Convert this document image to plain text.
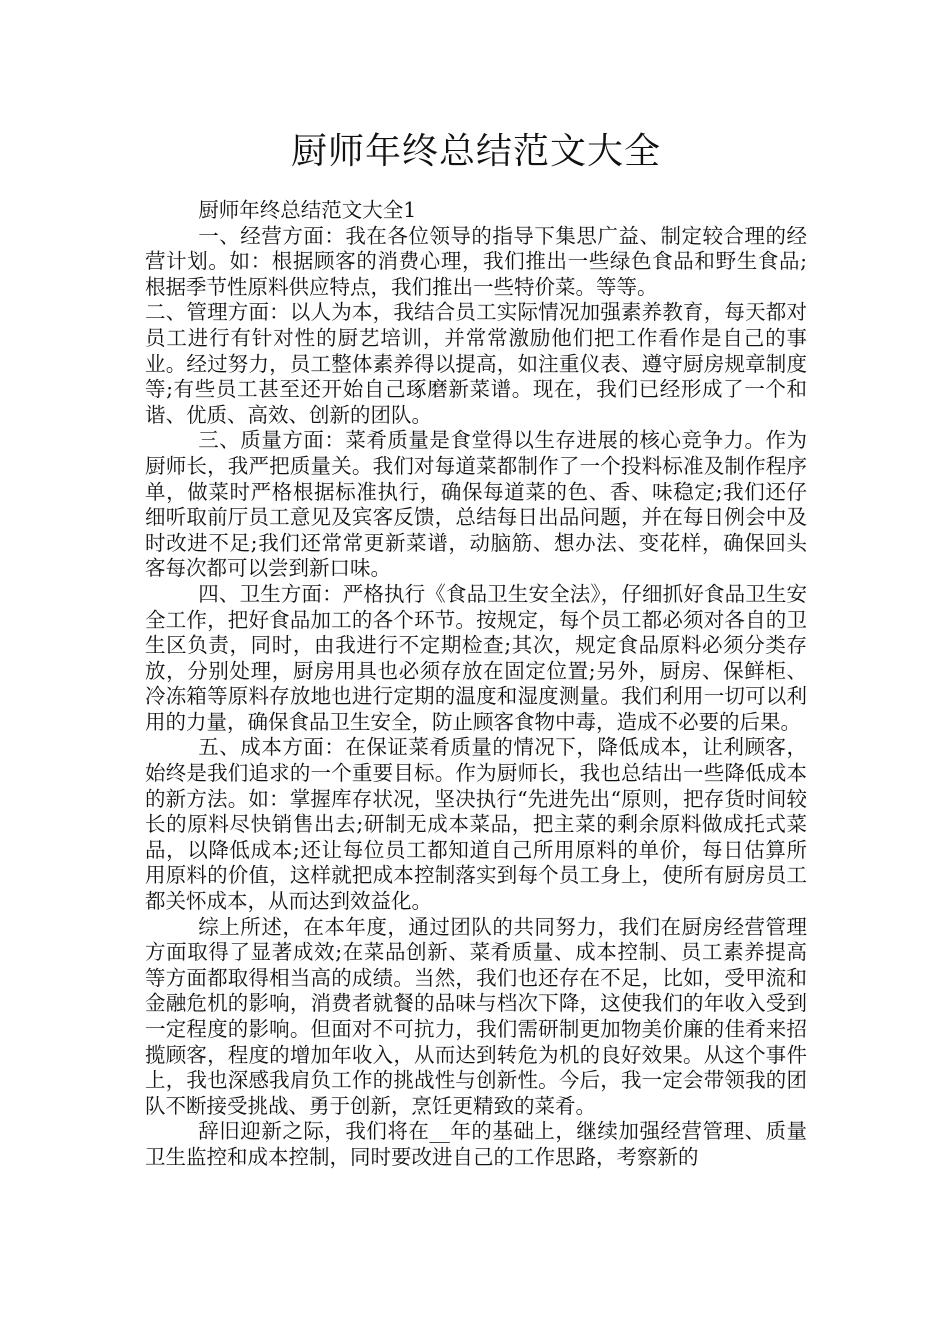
厨师年终总结范文大全

厨师年终总结范文大全1

一、经营方面：我在各位领导的指导下集思广益、制定较合理的经营计划。如：根据顾客的消费心理，我们推出一些绿色食品和野生食品;根据季节性原料供应特点，我们推出一些特价菜。等等。

二、管理方面：以人为本，我结合员工实际情况加强素养教育，每天都对员工进行有针对性的厨艺培训，并常常激励他们把工作看作是自己的事业。经过努力，员工整体素养得以提高，如注重仪表、遵守厨房规章制度等;有些员工甚至还开始自己琢磨新菜谱。现在，我们已经形成了一个和谐、优质、高效、创新的团队。

三、质量方面：菜肴质量是食堂得以生存进展的核心竞争力。作为厨师长，我严把质量关。我们对每道菜都制作了一个投料标准及制作程序单，做菜时严格根据标准执行，确保每道菜的色、香、味稳定;我们还仔细听取前厅员工意见及宾客反馈，总结每日出品问题，并在每日例会中及时改进不足;我们还常常更新菜谱，动脑筋、想办法、变花样，确保回头客每次都可以尝到新口味。

四、卫生方面：严格执行《食品卫生安全法》，仔细抓好食品卫生安全工作，把好食品加工的各个环节。按规定，每个员工都必须对各自的卫生区负责，同时，由我进行不定期检查;其次，规定食品原料必须分类存放，分别处理，厨房用具也必须存放在固定位置;另外，厨房、保鲜柜、冷冻箱等原料存放地也进行定期的温度和湿度测量。我们利用一切可以利用的力量，确保食品卫生安全，防止顾客食物中毒，造成不必要的后果。

五、成本方面：在保证菜肴质量的情况下，降低成本，让利顾客，始终是我们追求的一个重要目标。作为厨师长，我也总结出一些降低成本的新方法。如：掌握库存状况，坚决执行“先进先出“原则，把存货时间较长的原料尽快销售出去;研制无成本菜品，把主菜的剩余原料做成托式菜品，以降低成本;还让每位员工都知道自己所用原料的单价，每日估算所用原料的价值，这样就把成本控制落实到每个员工身上，使所有厨房员工都关怀成本，从而达到效益化。

综上所述，在本年度，通过团队的共同努力，我们在厨房经营管理方面取得了显著成效;在菜品创新、菜肴质量、成本控制、员工素养提高等方面都取得相当高的成绩。当然，我们也还存在不足，比如，受甲流和金融危机的影响，消费者就餐的品味与档次下降，这使我们的年收入受到一定程度的影响。但面对不可抗力，我们需研制更加物美价廉的佳肴来招揽顾客，程度的增加年收入，从而达到转危为机的良好效果。从这个事件上，我也深感我肩负工作的挑战性与创新性。今后，我一定会带领我的团队不断接受挑战、勇于创新，烹饪更精致的菜肴。

辞旧迎新之际，我们将在__年的基础上，继续加强经营管理、质量卫生监控和成本控制，同时要改进自己的工作思路，考察新的
